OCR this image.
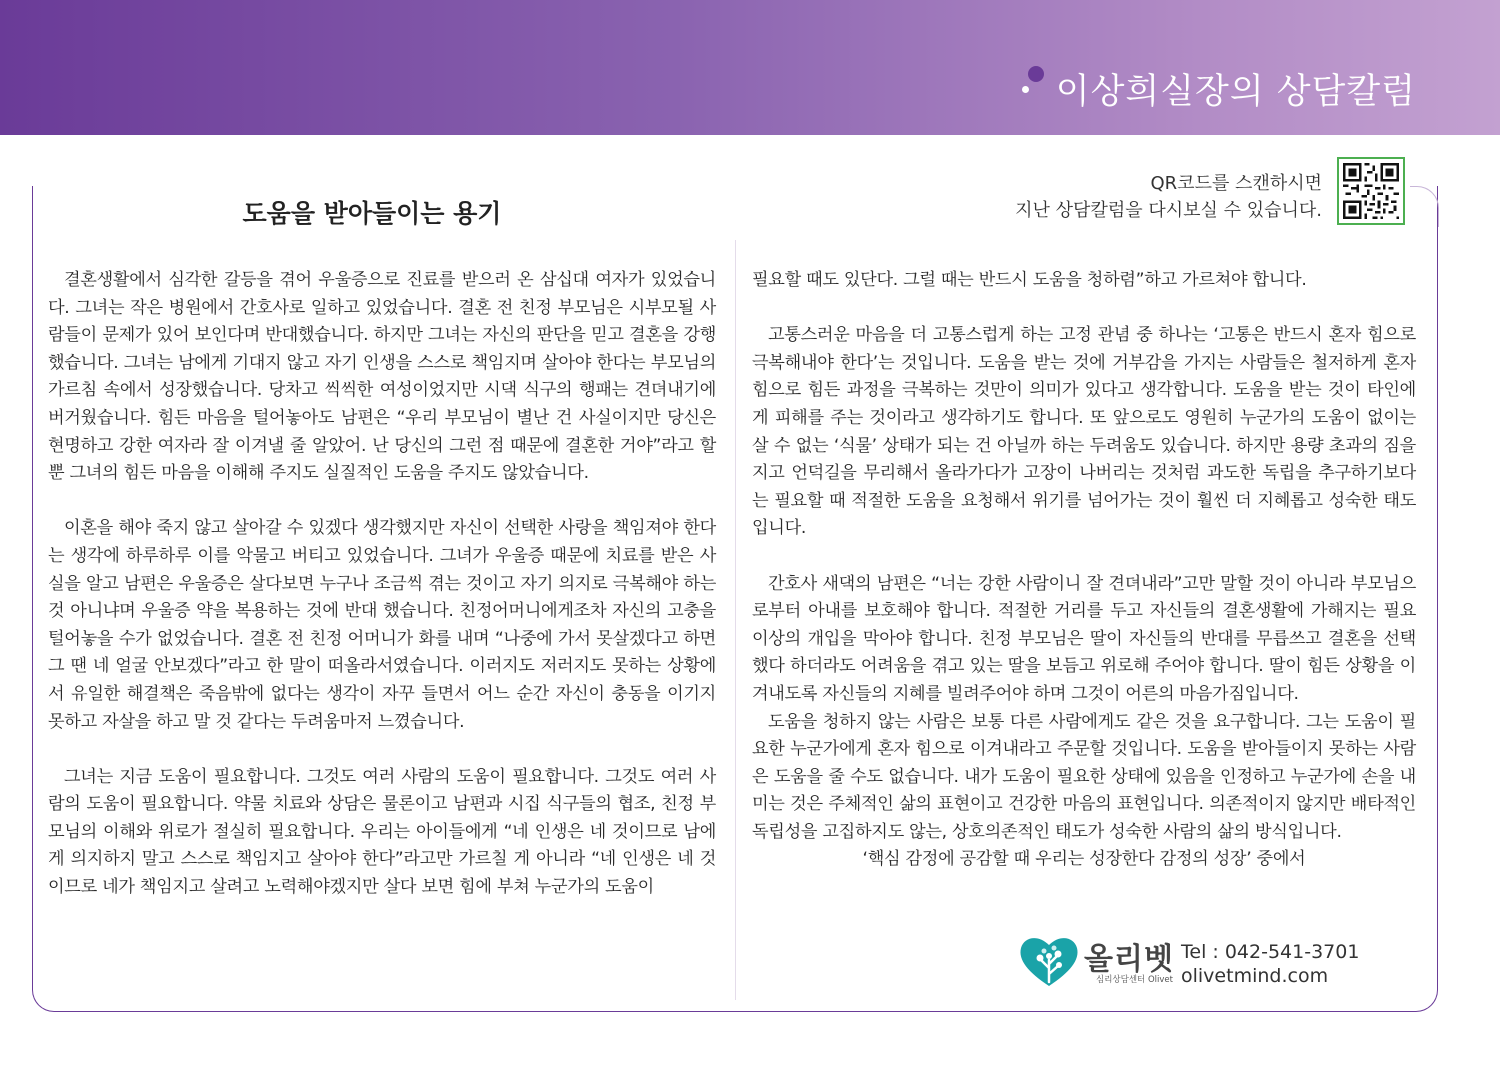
이상희실장의 상담칼럼
도움을 받아들이는 용기
QR코드를 스캔하시면
지난 상담칼럼을 다시보실 수 있습니다.

결혼생활에서 심각한 갈등을 겪어 우울증으로 진료를 받으러 온 삼십대 여자가 있었습니다. 그녀는 작은 병원에서 간호사로 일하고 있었습니다. 결혼 전 친정 부모님은 시부모될 사람들이 문제가 있어 보인다며 반대했습니다. 하지만 그녀는 자신의 판단을 믿고 결혼을 강행했습니다. 그녀는 남에게 기대지 않고 자기 인생을 스스로 책임지며 살아야 한다는 부모님의 가르침 속에서 성장했습니다. 당차고 씩씩한 여성이었지만 시댁 식구의 행패는 견뎌내기에 버거웠습니다. 힘든 마음을 털어놓아도 남편은 “우리 부모님이 별난 건 사실이지만 당신은 현명하고 강한 여자라 잘 이겨낼 줄 알았어. 난 당신의 그런 점 때문에 결혼한 거야”라고 할 뿐 그녀의 힘든 마음을 이해해 주지도 실질적인 도움을 주지도 않았습니다.

이혼을 해야 죽지 않고 살아갈 수 있겠다 생각했지만 자신이 선택한 사랑을 책임져야 한다는 생각에 하루하루 이를 악물고 버티고 있었습니다. 그녀가 우울증 때문에 치료를 받은 사실을 알고 남편은 우울증은 살다보면 누구나 조금씩 겪는 것이고 자기 의지로 극복해야 하는 것 아니냐며 우울증 약을 복용하는 것에 반대 했습니다. 친정어머니에게조차 자신의 고충을 털어놓을 수가 없었습니다. 결혼 전 친정 어머니가 화를 내며 “나중에 가서 못살겠다고 하면 그 땐 네 얼굴 안보겠다”라고 한 말이 떠올라서였습니다. 이러지도 저러지도 못하는 상황에서 유일한 해결책은 죽음밖에 없다는 생각이 자꾸 들면서 어느 순간 자신이 충동을 이기지 못하고 자살을 하고 말 것 같다는 두려움마저 느꼈습니다.

그녀는 지금 도움이 필요합니다. 그것도 여러 사람의 도움이 필요합니다. 그것도 여러 사람의 도움이 필요합니다. 약물 치료와 상담은 물론이고 남편과 시집 식구들의 협조, 친정 부모님의 이해와 위로가 절실히 필요합니다. 우리는 아이들에게 “네 인생은 네 것이므로 남에게 의지하지 말고 스스로 책임지고 살아야 한다”라고만 가르칠 게 아니라 “네 인생은 네 것이므로 네가 책임지고 살려고 노력해야겠지만 살다 보면 힘에 부쳐 누군가의 도움이

필요할 때도 있단다. 그럴 때는 반드시 도움을 청하렴”하고 가르쳐야 합니다.

고통스러운 마음을 더 고통스럽게 하는 고정 관념 중 하나는 ‘고통은 반드시 혼자 힘으로 극복해내야 한다’는 것입니다. 도움을 받는 것에 거부감을 가지는 사람들은 철저하게 혼자 힘으로 힘든 과정을 극복하는 것만이 의미가 있다고 생각합니다. 도움을 받는 것이 타인에게 피해를 주는 것이라고 생각하기도 합니다. 또 앞으로도 영원히 누군가의 도움이 없이는 살 수 없는 ‘식물’ 상태가 되는 건 아닐까 하는 두려움도 있습니다. 하지만 용량 초과의 짐을 지고 언덕길을 무리해서 올라가다가 고장이 나버리는 것처럼 과도한 독립을 추구하기보다는 필요할 때 적절한 도움을 요청해서 위기를 넘어가는 것이 훨씬 더 지혜롭고 성숙한 태도입니다.

간호사 새댁의 남편은 “너는 강한 사람이니 잘 견뎌내라”고만 말할 것이 아니라 부모님으로부터 아내를 보호해야 합니다. 적절한 거리를 두고 자신들의 결혼생활에 가해지는 필요 이상의 개입을 막아야 합니다. 친정 부모님은 딸이 자신들의 반대를 무릅쓰고 결혼을 선택했다 하더라도 어려움을 겪고 있는 딸을 보듬고 위로해 주어야 합니다. 딸이 힘든 상황을 이겨내도록 자신들의 지혜를 빌려주어야 하며 그것이 어른의 마음가짐입니다.

도움을 청하지 않는 사람은 보통 다른 사람에게도 같은 것을 요구합니다. 그는 도움이 필요한 누군가에게 혼자 힘으로 이겨내라고 주문할 것입니다. 도움을 받아들이지 못하는 사람은 도움을 줄 수도 없습니다. 내가 도움이 필요한 상태에 있음을 인정하고 누군가에 손을 내미는 것은 주체적인 삶의 표현이고 건강한 마음의 표현입니다. 의존적이지 않지만 배타적인 독립성을 고집하지도 않는, 상호의존적인 태도가 성숙한 사람의 삶의 방식입니다.

‘핵심 감정에 공감할 때 우리는 성장한다 감정의 성장’ 중에서

올리벳
심리상담센터 Olivet
Tel : 042-541-3701
olivetmind.com
